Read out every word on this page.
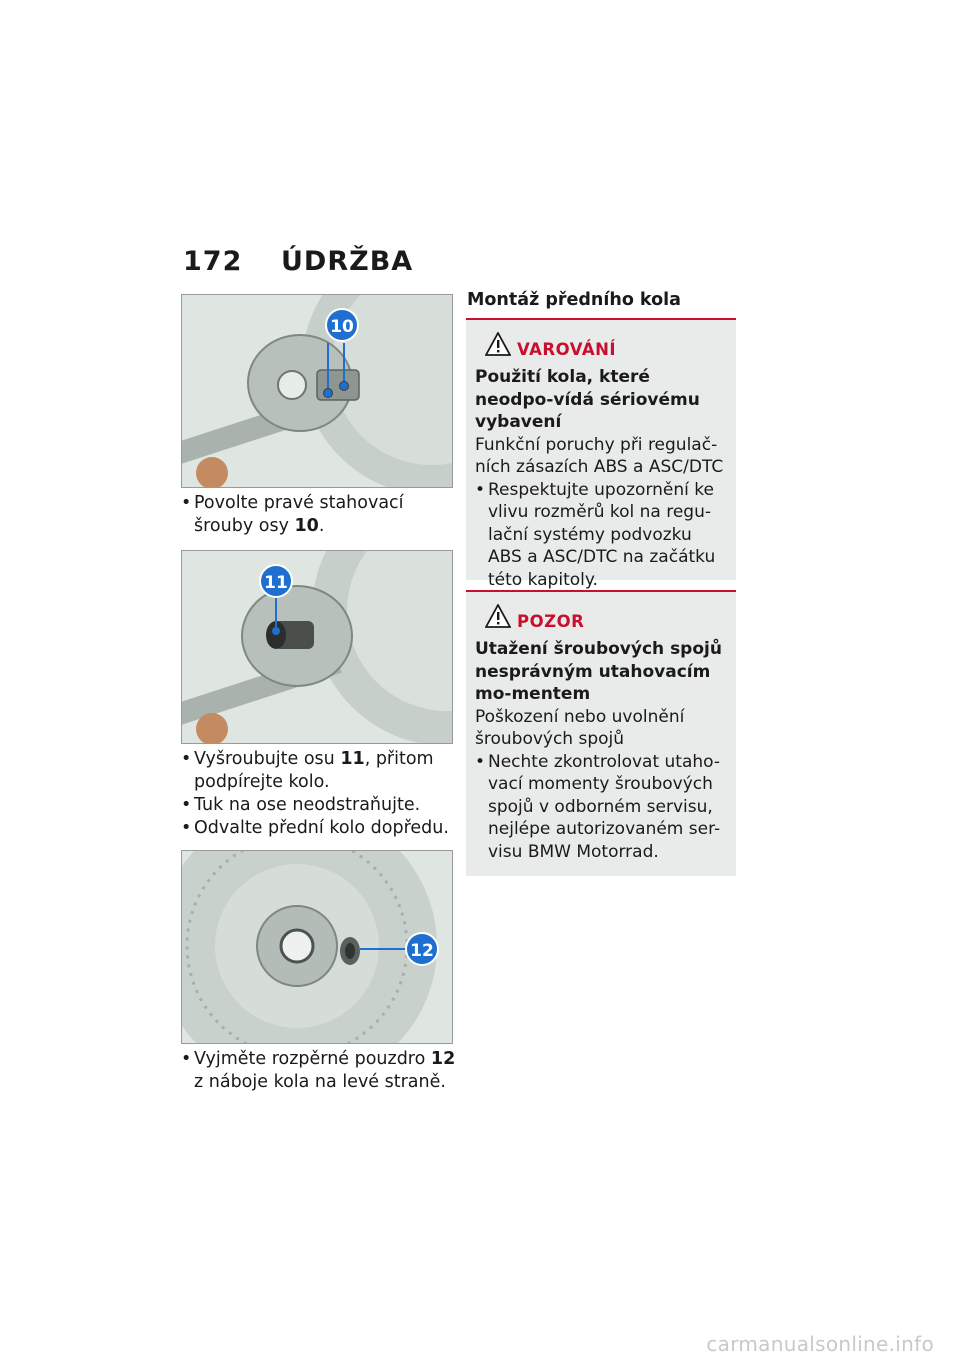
172 ÚDRŽBA
10
• Povolte pravé stahovací šrouby osy 10.
11
• Vyšroubujte osu 11, přitom podpírejte kolo.
• Tuk na ose neodstraňujte.
• Odvalte přední kolo dopředu.
12
• Vyjměte rozpěrné pouzdro 12 z náboje kola na levé straně.
Montáž předního kola
VAROVÁNÍ
Použití kola, které neodpo-vídá sériovému vybavení
Funkční poruchy při regulač-ních zásazích ABS a ASC/DTC
• Respektujte upozornění ke vlivu rozměrů kol na regu-lační systémy podvozku ABS a ASC/DTC na začátku této kapitoly.
POZOR
Utažení šroubových spojů nesprávným utahovacím mo-mentem
Poškození nebo uvolnění šroubových spojů
• Nechte zkontrolovat utaho-vací momenty šroubových spojů v odborném servisu, nejlépe autorizovaném ser-visu BMW Motorrad.
carmanualsonline.info
